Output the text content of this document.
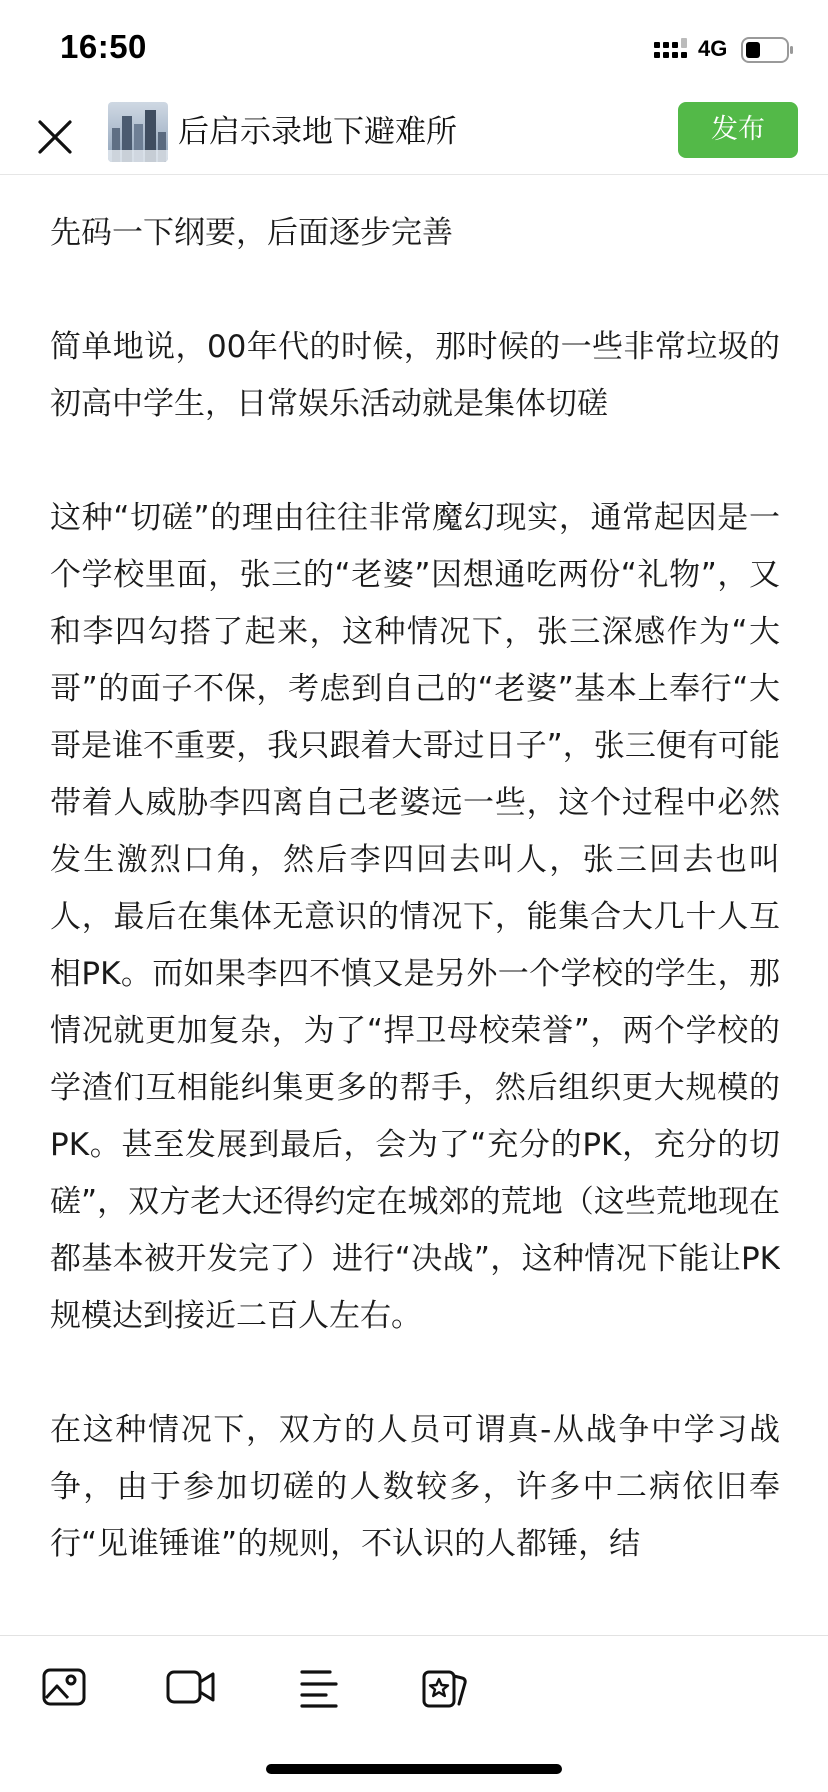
16:50	4G
后启示录地下避难所	发布

先码一下纲要，后面逐步完善

简单地说，00年代的时候，那时候的一些非常垃圾的初高中学生，日常娱乐活动就是集体切磋

这种“切磋”的理由往往非常魔幻现实，通常起因是一个学校里面，张三的“老婆”因想通吃两份“礼物”，又和李四勾搭了起来，这种情况下，张三深感作为“大哥”的面子不保，考虑到自己的“老婆”基本上奉行“大哥是谁不重要，我只跟着大哥过日子”，张三便有可能带着人威胁李四离自己老婆远一些，这个过程中必然发生激烈口角，然后李四回去叫人，张三回去也叫人，最后在集体无意识的情况下，能集合大几十人互相PK。而如果李四不慎又是另外一个学校的学生，那情况就更加复杂，为了“捍卫母校荣誉”，两个学校的学渣们互相能纠集更多的帮手，然后组织更大规模的PK。甚至发展到最后，会为了“充分的PK，充分的切磋”，双方老大还得约定在城郊的荒地（这些荒地现在都基本被开发完了）进行“决战”，这种情况下能让PK规模达到接近二百人左右。

在这种情况下，双方的人员可谓真-从战争中学习战争，由于参加切磋的人数较多，许多中二病依旧奉行“见谁锤谁”的规则，不认识的人都锤，结
